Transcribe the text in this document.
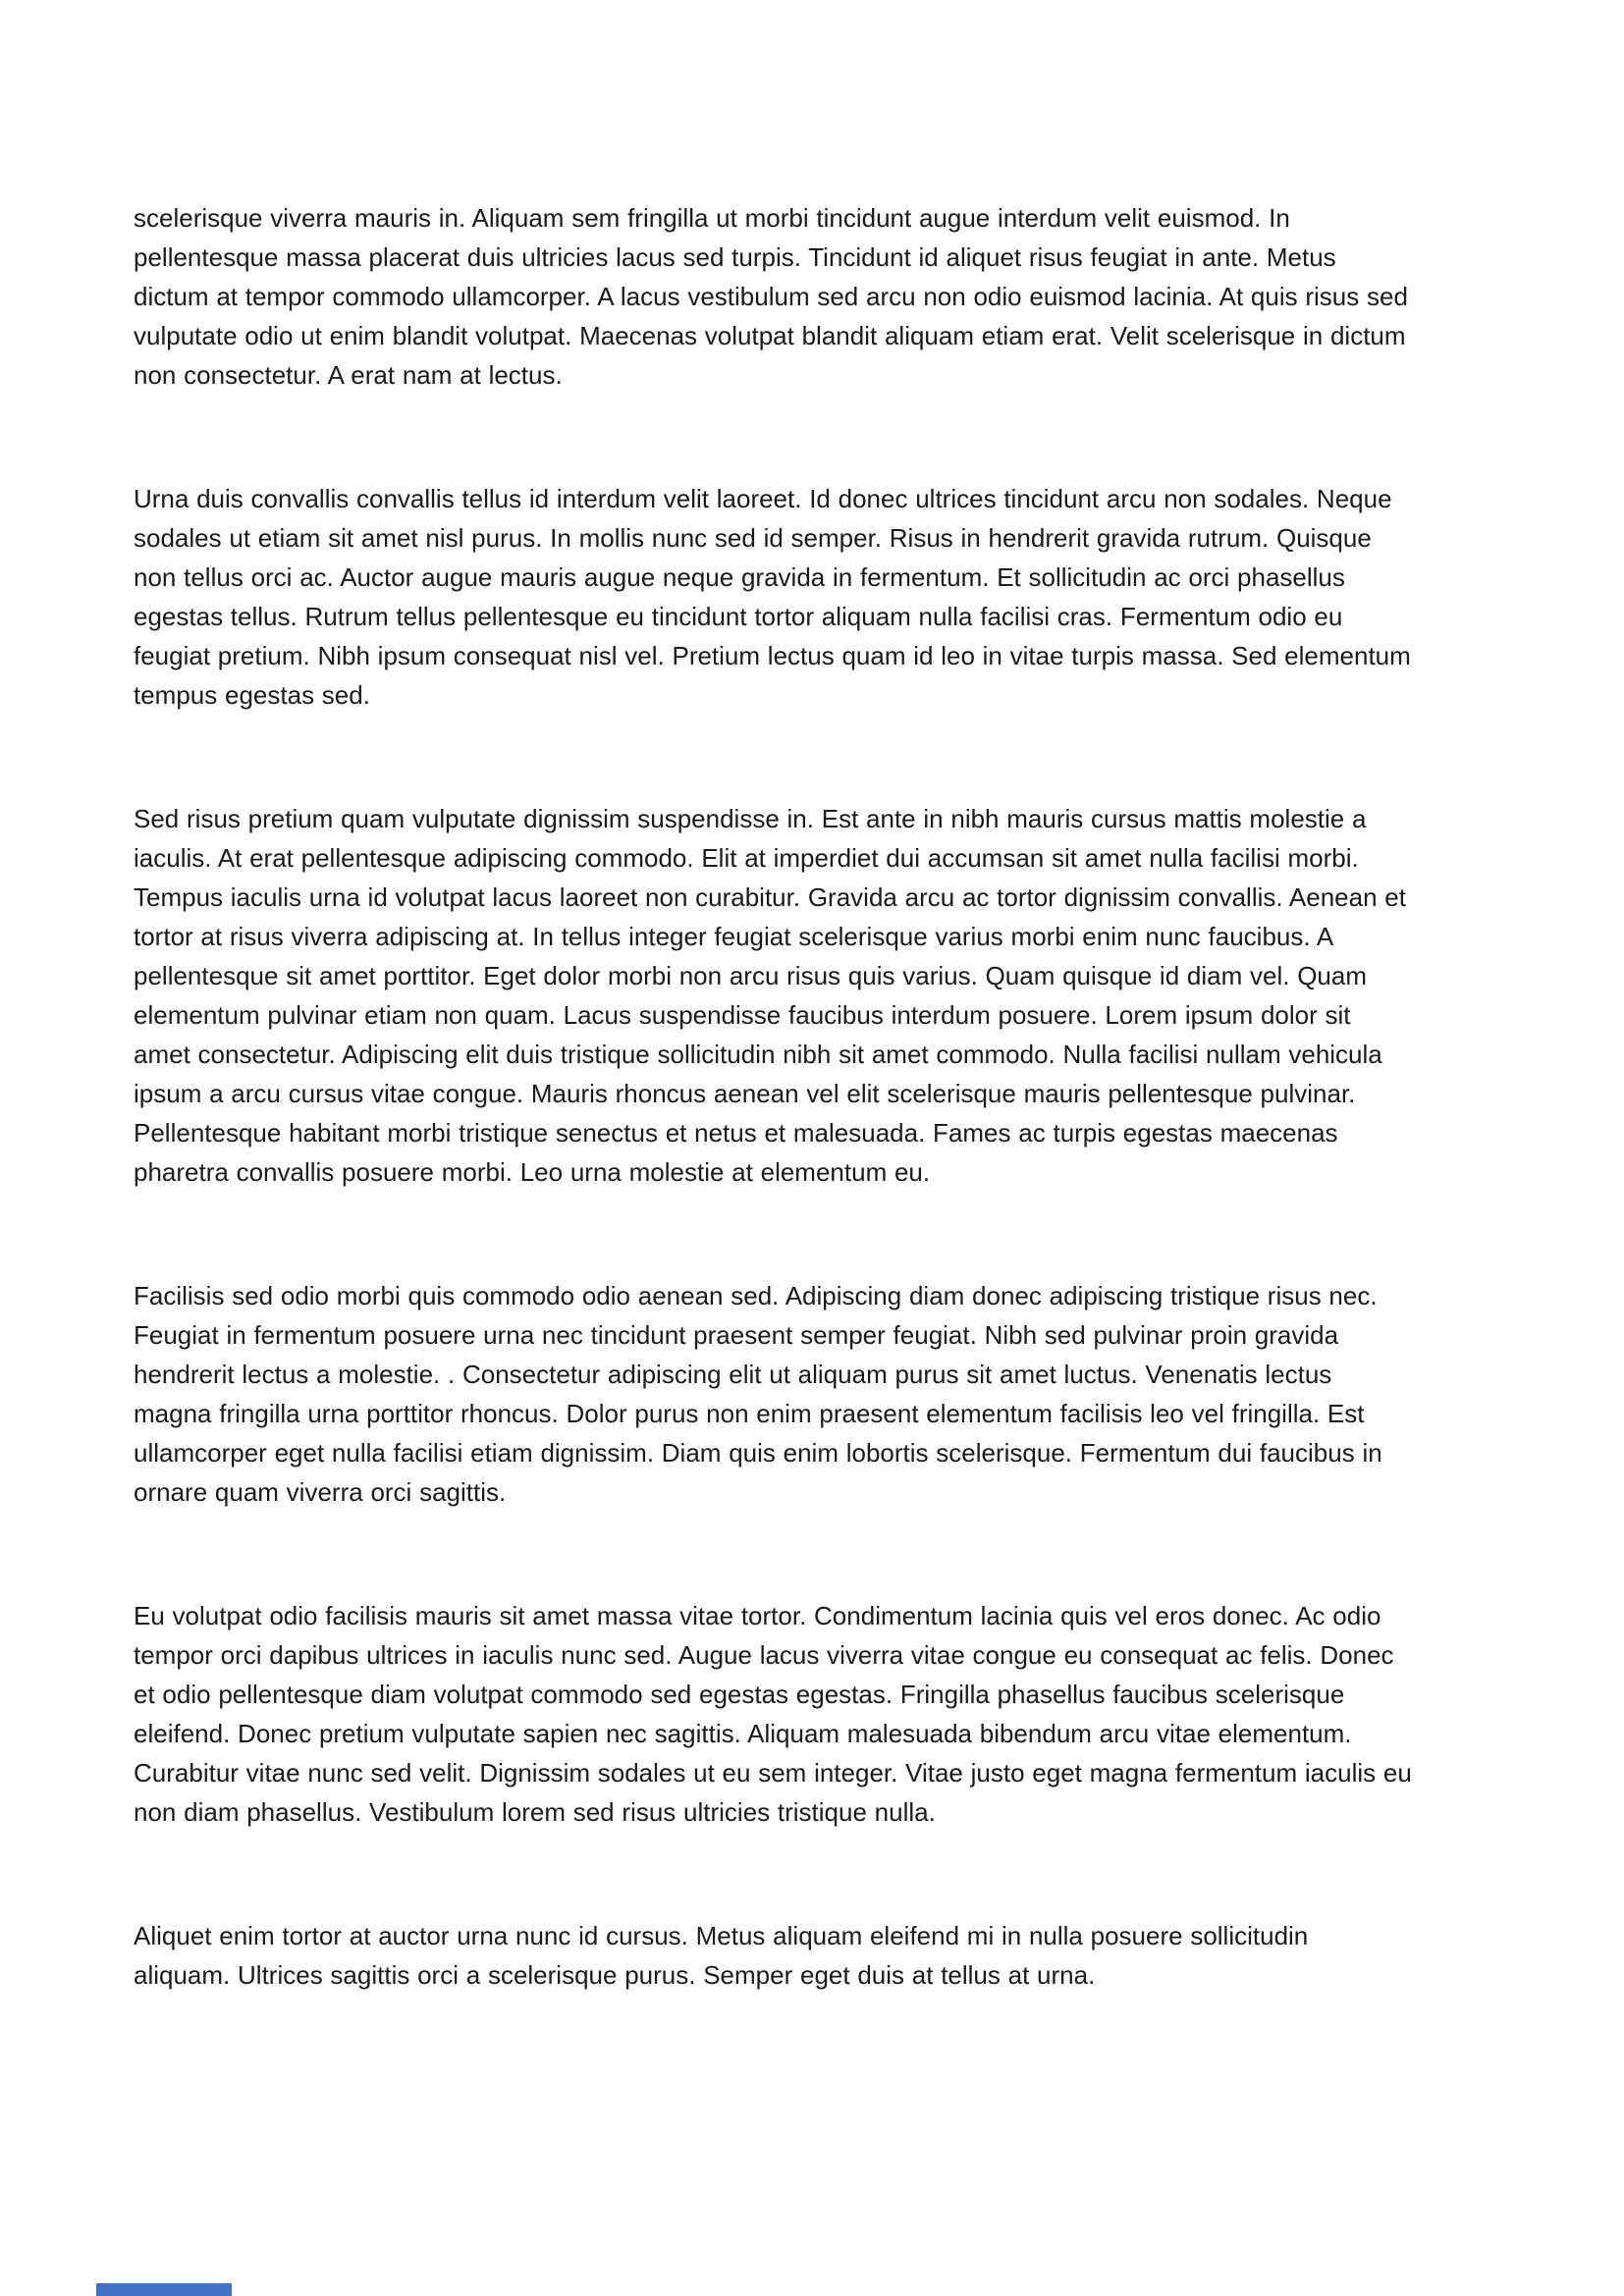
scelerisque viverra mauris in. Aliquam sem fringilla ut morbi tincidunt augue interdum velit euismod. In pellentesque massa placerat duis ultricies lacus sed turpis. Tincidunt id aliquet risus feugiat in ante. Metus dictum at tempor commodo ullamcorper. A lacus vestibulum sed arcu non odio euismod lacinia. At quis risus sed vulputate odio ut enim blandit volutpat. Maecenas volutpat blandit aliquam etiam erat. Velit scelerisque in dictum non consectetur. A erat nam at lectus.

Urna duis convallis convallis tellus id interdum velit laoreet. Id donec ultrices tincidunt arcu non sodales. Neque sodales ut etiam sit amet nisl purus. In mollis nunc sed id semper. Risus in hendrerit gravida rutrum. Quisque non tellus orci ac. Auctor augue mauris augue neque gravida in fermentum. Et sollicitudin ac orci phasellus egestas tellus. Rutrum tellus pellentesque eu tincidunt tortor aliquam nulla facilisi cras. Fermentum odio eu feugiat pretium. Nibh ipsum consequat nisl vel. Pretium lectus quam id leo in vitae turpis massa. Sed elementum tempus egestas sed.

Sed risus pretium quam vulputate dignissim suspendisse in. Est ante in nibh mauris cursus mattis molestie a iaculis. At erat pellentesque adipiscing commodo. Elit at imperdiet dui accumsan sit amet nulla facilisi morbi. Tempus iaculis urna id volutpat lacus laoreet non curabitur. Gravida arcu ac tortor dignissim convallis. Aenean et tortor at risus viverra adipiscing at. In tellus integer feugiat scelerisque varius morbi enim nunc faucibus. A pellentesque sit amet porttitor. Eget dolor morbi non arcu risus quis varius. Quam quisque id diam vel. Quam elementum pulvinar etiam non quam. Lacus suspendisse faucibus interdum posuere. Lorem ipsum dolor sit amet consectetur. Adipiscing elit duis tristique sollicitudin nibh sit amet commodo. Nulla facilisi nullam vehicula ipsum a arcu cursus vitae congue. Mauris rhoncus aenean vel elit scelerisque mauris pellentesque pulvinar. Pellentesque habitant morbi tristique senectus et netus et malesuada. Fames ac turpis egestas maecenas pharetra convallis posuere morbi. Leo urna molestie at elementum eu.

Facilisis sed odio morbi quis commodo odio aenean sed. Adipiscing diam donec adipiscing tristique risus nec. Feugiat in fermentum posuere urna nec tincidunt praesent semper feugiat. Nibh sed pulvinar proin gravida hendrerit lectus a molestie. . Consectetur adipiscing elit ut aliquam purus sit amet luctus. Venenatis lectus magna fringilla urna porttitor rhoncus. Dolor purus non enim praesent elementum facilisis leo vel fringilla. Est ullamcorper eget nulla facilisi etiam dignissim. Diam quis enim lobortis scelerisque. Fermentum dui faucibus in ornare quam viverra orci sagittis.

Eu volutpat odio facilisis mauris sit amet massa vitae tortor. Condimentum lacinia quis vel eros donec. Ac odio tempor orci dapibus ultrices in iaculis nunc sed. Augue lacus viverra vitae congue eu consequat ac felis. Donec et odio pellentesque diam volutpat commodo sed egestas egestas. Fringilla phasellus faucibus scelerisque eleifend. Donec pretium vulputate sapien nec sagittis. Aliquam malesuada bibendum arcu vitae elementum. Curabitur vitae nunc sed velit. Dignissim sodales ut eu sem integer. Vitae justo eget magna fermentum iaculis eu non diam phasellus. Vestibulum lorem sed risus ultricies tristique nulla.

Aliquet enim tortor at auctor urna nunc id cursus. Metus aliquam eleifend mi in nulla posuere sollicitudin aliquam. Ultrices sagittis orci a scelerisque purus. Semper eget duis at tellus at urna.
